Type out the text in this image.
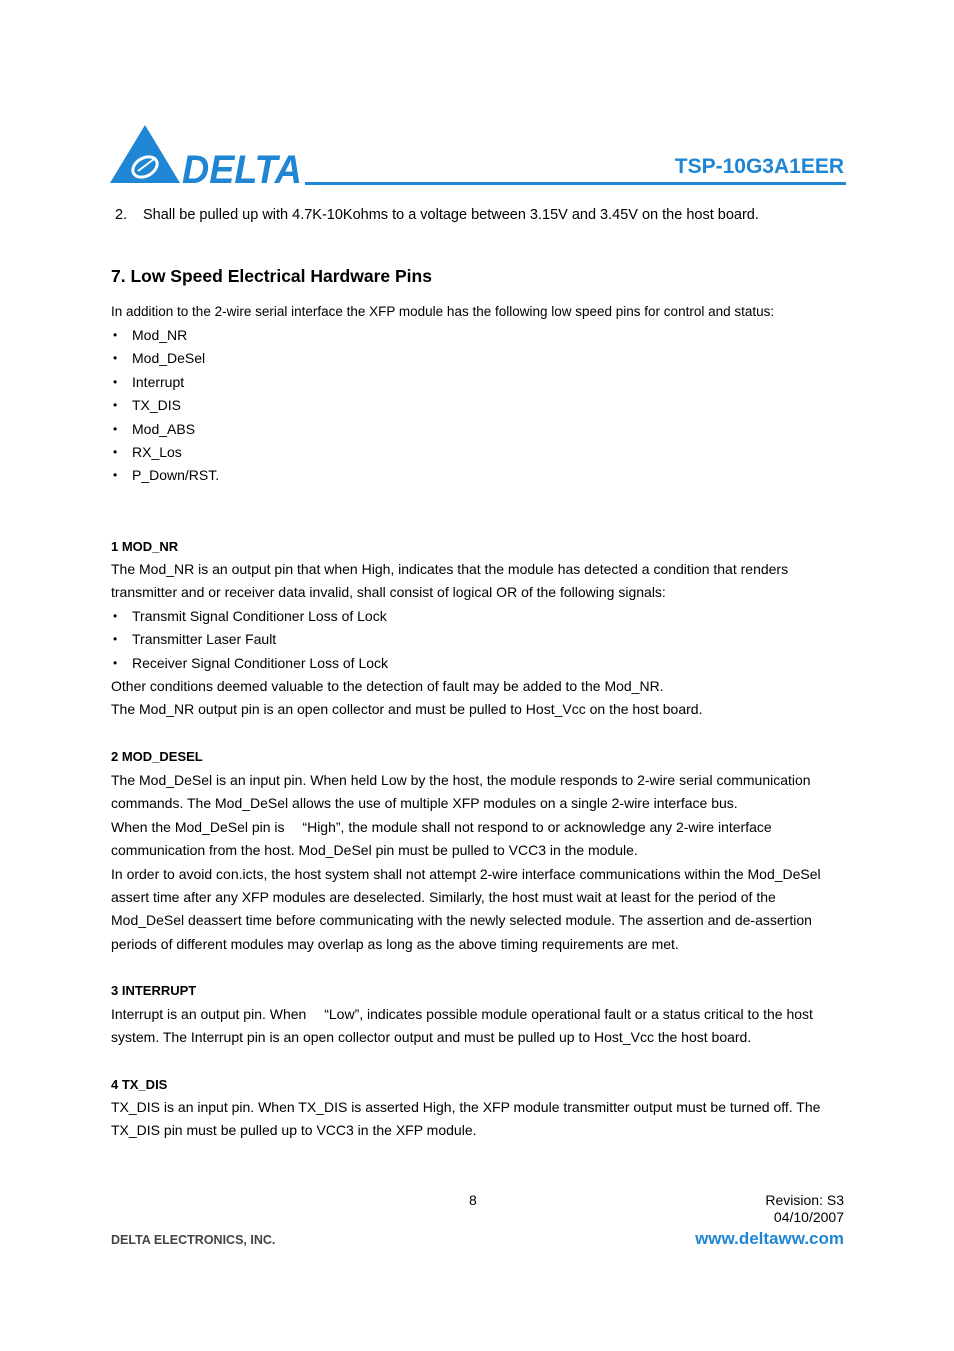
DELTA	TSP-10G3A1EER
2. Shall be pulled up with 4.7K-10Kohms to a voltage between 3.15V and 3.45V on the host board.
7. Low Speed Electrical Hardware Pins
In addition to the 2-wire serial interface the XFP module has the following low speed pins for control and status:
• Mod_NR
• Mod_DeSel
• Interrupt
• TX_DIS
• Mod_ABS
• RX_Los
• P_Down/RST.
1 MOD_NR

The Mod_NR is an output pin that when High, indicates that the module has detected a condition that renders transmitter and or receiver data invalid, shall consist of logical OR of the following signals:

• Transmit Signal Conditioner Loss of Lock
• Transmitter Laser Fault
• Receiver Signal Conditioner Loss of Lock

Other conditions deemed valuable to the detection of fault may be added to the Mod_NR.

The Mod_NR output pin is an open collector and must be pulled to Host_Vcc on the host board.

2 MOD_DESEL

The Mod_DeSel is an input pin. When held Low by the host, the module responds to 2-wire serial communication commands. The Mod_DeSel allows the use of multiple XFP modules on a single 2-wire interface bus.

When the Mod_DeSel pin is 　“High”, the module shall not respond to or acknowledge any 2-wire interface communication from the host. Mod_DeSel pin must be pulled to VCC3 in the module.

In order to avoid con.icts, the host system shall not attempt 2-wire interface communications within the Mod_DeSel assert time after any XFP modules are deselected. Similarly, the host must wait at least for the period of the Mod_DeSel deassert time before communicating with the newly selected module. The assertion and de-assertion periods of different modules may overlap as long as the above timing requirements are met.

3 INTERRUPT

Interrupt is an output pin. When 　“Low”, indicates possible module operational fault or a status critical to the host system. The Interrupt pin is an open collector output and must be pulled up to Host_Vcc the host board.

4 TX_DIS

TX_DIS is an input pin. When TX_DIS is asserted High, the XFP module transmitter output must be turned off. The TX_DIS pin must be pulled up to VCC3 in the XFP module.

8	Revision: S3
04/10/2007
DELTA ELECTRONICS, INC.	www.deltaww.com
